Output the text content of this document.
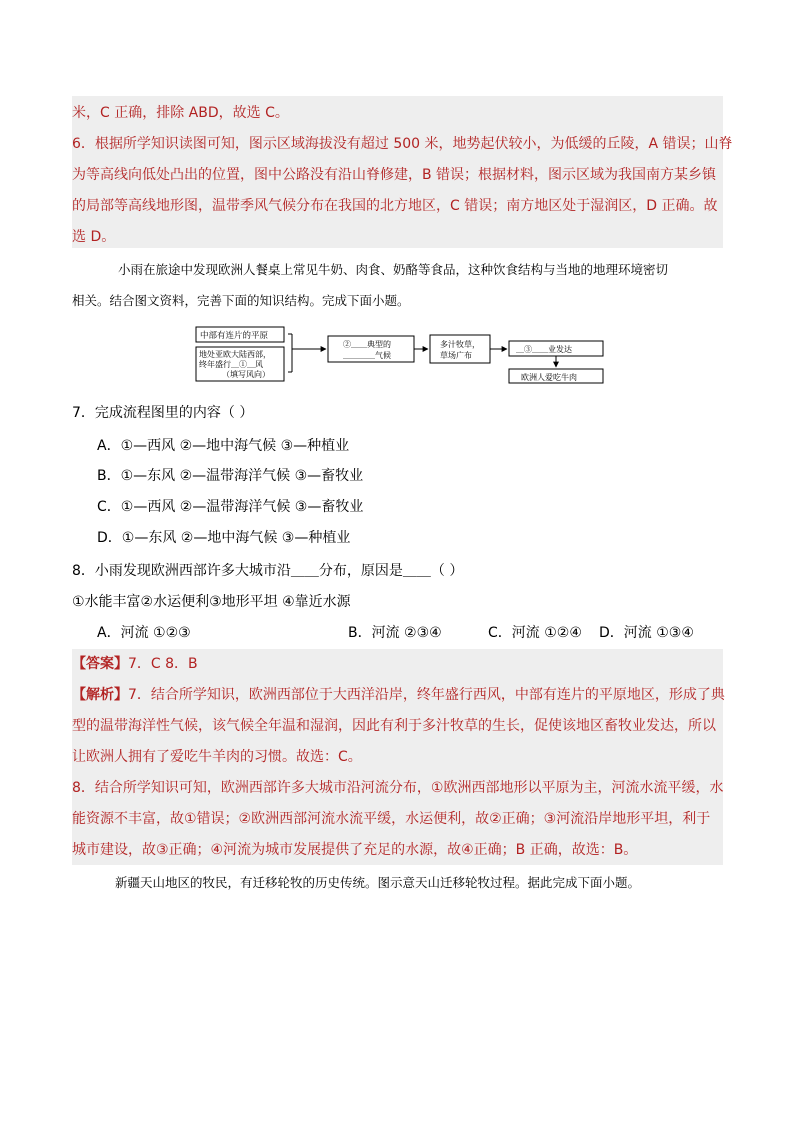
米，C 正确，排除 ABD，故选 C。
6．根据所学知识读图可知，图示区域海拔没有超过 500 米，地势起伏较小，为低缓的丘陵，A 错误；山脊
为等高线向低处凸出的位置，图中公路没有沿山脊修建，B 错误；根据材料，图示区域为我国南方某乡镇
的局部等高线地形图，温带季风气候分布在我国的北方地区，C 错误；南方地区处于湿润区，D 正确。故
选 D。
小雨在旅途中发现欧洲人餐桌上常见牛奶、肉食、奶酪等食品，这种饮食结构与当地的地理环境密切
相关。结合图文资料，完善下面的知识结构。完成下面小题。
中部有连片的平原
地处亚欧大陆西部，
终年盛行＿①＿风
（填写风向）
②＿＿典型的
＿＿＿＿气候
多汁牧草，
草场广布
＿③＿＿业发达
欧洲人爱吃牛肉
7．完成流程图里的内容（ ）
A．①—西风 ②—地中海气候 ③—种植业
B．①—东风 ②—温带海洋气候 ③—畜牧业
C．①—西风 ②—温带海洋气候 ③—畜牧业
D．①—东风 ②—地中海气候 ③—种植业
8．小雨发现欧洲西部许多大城市沿＿＿分布，原因是＿＿（ ）
①水能丰富②水运便利③地形平坦 ④靠近水源
A．河流 ①②③	B．河流 ②③④	C．河流 ①②④ D．河流 ①③④
【答案】7．C 8．B
【解析】7．结合所学知识，欧洲西部位于大西洋沿岸，终年盛行西风，中部有连片的平原地区，形成了典
型的温带海洋性气候，该气候全年温和湿润，因此有利于多汁牧草的生长，促使该地区畜牧业发达，所以
让欧洲人拥有了爱吃牛羊肉的习惯。故选：C。
8．结合所学知识可知，欧洲西部许多大城市沿河流分布，①欧洲西部地形以平原为主，河流水流平缓，水
能资源不丰富，故①错误；②欧洲西部河流水流平缓，水运便利，故②正确；③河流沿岸地形平坦，利于
城市建设，故③正确；④河流为城市发展提供了充足的水源，故④正确；B 正确，故选：B。
新疆天山地区的牧民，有迁移轮牧的历史传统。图示意天山迁移轮牧过程。据此完成下面小题。
